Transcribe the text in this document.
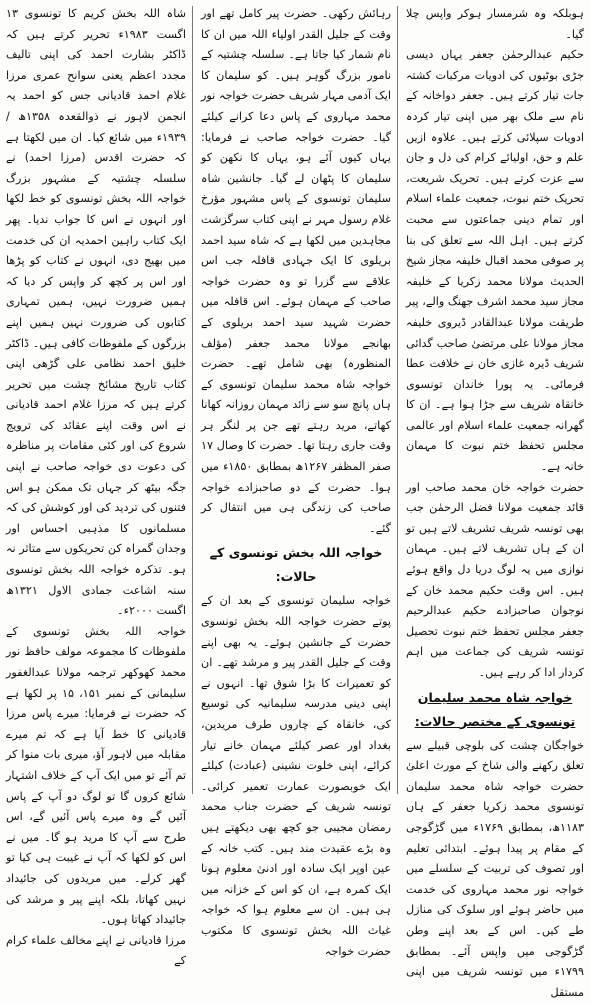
ہوبلکہ وہ شرمسار ہوکر واپس چلا گیا۔

حکیم عبدالرحمٰن جعفر یہاں دیسی جڑی بوٹیوں کی ادویات مرکبات کشتہ جات تیار کرتے ہیں۔ جعفر دواخانہ کے نام سے ملک بھر میں اپنی تیار کردہ ادویات سپلائی کرتے ہیں۔ علاوہ ازیں علم و حق، اولیائے کرام کی دل و جان سے عزت کرتے ہیں۔ تحریک شریعت، تحریک ختم نبوت، جمعیت علماء اسلام اور تمام دینی جماعتوں سے محبت کرتے ہیں۔ اہل اللہ سے تعلق کی بنا پر صوفی محمد اقبال خلیفہ مجاز شیخ الحدیث مولانا محمد زکریا کے خلیفہ مجاز سید محمد اشرف جھنگ والے، پیر طریقت مولانا عبدالقادر ڈیروی خلیفہ مجاز مولانا علی مرتضیٰ صاحب گدائی شریف ڈیرہ غازی خان نے خلافت عطا فرمائی۔ یہ پورا خاندان تونسوی خانقاہ شریف سے جڑا ہوا ہے۔ ان کا گھرانہ جمعیت علماء اسلام اور عالمی مجلس تحفظ ختم نبوت کا مہمان خانہ ہے۔

حضرت خواجہ خان محمد صاحب اور قائد جمعیت مولانا فضل الرحمٰن جب بھی تونسہ شریف تشریف لاتے ہیں تو ان کے ہاں تشریف لاتے ہیں۔ مہمان نوازی میں یہ لوگ دریا دل واقع ہوئے ہیں۔ اس وقت حکیم محمد خان کے نوجوان صاحبزادے حکیم عبدالرحیم جعفر مجلس تحفظ ختم نبوت تحصیل تونسہ شریف کی جماعت میں اہم کردار ادا کر رہے ہیں۔

خواجہ شاہ محمد سلیمان تونسوی کے مختصر حالات:

خواجگان چشت کی بلوچی قبیلے سے تعلق رکھنے والی شاخ کے مورث اعلیٰ حضرت خواجہ شاہ محمد سلیمان تونسوی محمد زکریا جعفر کے ہاں ۱۱۸۳ھ، بمطابق ۱۷۶۹ء میں گڑگوجی کے مقام پر پیدا ہوئے۔ ابتدائی تعلیم اور تصوف کی تربیت کے سلسلے میں خواجہ نور محمد مہاروی کی خدمت میں حاضر ہوئے اور سلوک کی منازل طے کیں۔ اس کے بعد اپنے وطن گڑگوجی میں واپس آئے۔ بمطابق ۱۷۹۹ء میں تونسہ شریف میں اپنی مستقل

رہائش رکھی۔ حضرت پیر کامل تھے اور وقت کے جلیل القدر اولیاء اللہ میں ان کا نام شمار کیا جاتا ہے۔ سلسلہ چشتیہ کے نامور بزرگ گوہر ہیں۔ کو سلیمان کا ایک آدمی مہار شریف حضرت خواجہ نور محمد مہاروی کے پاس دعا کرانے کیلئے گیا۔ حضرت خواجہ صاحب نے فرمایا: یہاں کیوں آئے ہو، یہاں کا نکھن کو سلیمان کا پٹھان لے گیا۔ جانشین شاہ سلیمان تونسوی کے پاس مشہور مؤرخ غلام رسول مہر نے اپنی کتاب سرگزشت مجاہدین میں لکھا ہے کہ شاہ سید احمد بریلوی کا ایک جہادی قافلہ جب اس علاقے سے گزرا تو وہ حضرت خواجہ صاحب کے مہمان ہوئے۔ اس قافلہ میں حضرت شہید سید احمد بریلوی کے بھانجے مولانا محمد جعفر (مؤلف المنظورہ) بھی شامل تھے۔ حضرت خواجہ شاہ محمد سلیمان تونسوی کے ہاں پانچ سو سے زائد مہمان روزانہ کھانا کھاتے، مرید رہتے تھے جن پر لنگر ہر وقت جاری رہتا تھا۔ حضرت کا وصال ۱۷ صفر المظفر ۱۲۶۷ھ بمطابق ۱۸۵۰ء میں ہوا۔ حضرت کے دو صاحبزادے خواجہ صاحب کی زندگی ہی میں انتقال کر گئے۔

خواجہ اللہ بخش تونسوی کے حالات:

خواجہ سلیمان تونسوی کے بعد ان کے پوتے حضرت خواجہ اللہ بخش تونسوی حضرت کے جانشین ہوئے۔ یہ بھی اپنے وقت کے جلیل القدر پیر و مرشد تھے۔ ان کو تعمیرات کا بڑا شوق تھا۔ انہوں نے اپنی دینی مدرسہ سلیمانیہ کی توسیع کی، خانقاہ کے چاروں طرف مریدین، بغداد اور عصر کیلئے مہمان خانے تیار کرائے، اپنی خلوت نشینی (عبادت) کیلئے ایک خوبصورت عمارت تعمیر کرائی۔ تونسہ شریف کے حضرت جناب محمد رمضان مجیبی جو کچھ بھی دیکھتے ہیں وہ بڑے عقیدت مند ہیں۔ کتب خانہ کے عین اوپر ایک سادہ اور ادنیٰ معلوم ہونا ایک کمرہ ہے، ان کو اس کے خزانہ میں ہی ہیں۔ ان سے معلوم ہوا کہ خواجہ غیاث اللہ بخش تونسوی کا مکتوب حضرت خواجہ

شاہ اللہ بخش کریم کا تونسوی ۱۳ اگست ۱۹۸۳ء تحریر کرتے ہیں کہ ڈاکٹر بشارت احمد کی اپنی تالیف مجدد اعظم یعنی سوانح عمری مرزا غلام احمد قادیانی جس کو احمد یہ انجمن لاہور نے ذوالقعدہ ۱۳۵۸ھ / ۱۹۳۹ء میں شائع کیا۔ ان میں لکھتا ہے کہ حضرت اقدس (مرزا احمد) نے سلسلہ چشتیہ کے مشہور بزرگ خواجہ اللہ بخش تونسوی کو خط لکھا اور انہوں نے اس کا جواب ندیا۔ پھر ایک کتاب راہین احمدیہ ان کی خدمت میں بھیج دی، انہوں نے کتاب کو پڑھا اور اس پر کچھ کر واپس کر دیا کہ ہمیں ضرورت نہیں، ہمیں تمہاری کتابوں کی ضرورت نہیں ہمیں اپنے بزرگوں کے ملفوظات کافی ہیں۔ ڈاکٹر خلیق احمد نظامی علی گڑھی اپنی کتاب تاریخ مشائخ چشت میں تحریر کرتے ہیں کہ مرزا غلام احمد قادیانی نے اس وقت اپنے عقائد کی ترویج شروع کی اور کئی مقامات پر مناظرہ کی دعوت دی خواجہ صاحب نے اپنی جگہ بیٹھ کر جہاں تک ممکن ہو اس فتنوں کی تردید کی اور کوشش کی کہ مسلمانوں کا مذہبی احساس اور وجدان گمراہ کن تحریکوں سے متاثر نہ ہو۔ تذکرہ خواجہ اللہ بخش تونسوی سنہ اشاعت جمادی الاول ۱۳۲۱ھ اگست ۲۰۰۰ء۔

خواجہ اللہ بخش تونسوی کے ملفوظات کا مجموعہ مولف حافظ نور محمد کھوکھر ترجمہ مولانا عبدالغفور سلیمانی کے نمبر ۱۵۱، ۱۵ پر لکھا ہے کہ حضرت نے فرمایا: میرے پاس مرزا قادیانی کا خط آیا ہے کہ تم میرے مقابلہ میں لاہور آؤ، میری بات منوا کر تم آئے تو میں ایک آپ کے خلاف اشتہار شائع کروں گا تو لوگ دو آپ کے پاس آئیں گے وہ میرے پاس آئیں گے، اس طرح سے آپ کا مرید ہو گا۔ میں نے اس کو لکھا کہ آپ نے غیبت ہی کیا تو گھر کرلے۔ میں مریدوں کی جائیداد نہیں کھاتا، بلکہ اپنے پیر و مرشد کی جائیداد کھاتا ہوں۔

مرزا قادیانی نے اپنے مخالف علماء کرام کے
